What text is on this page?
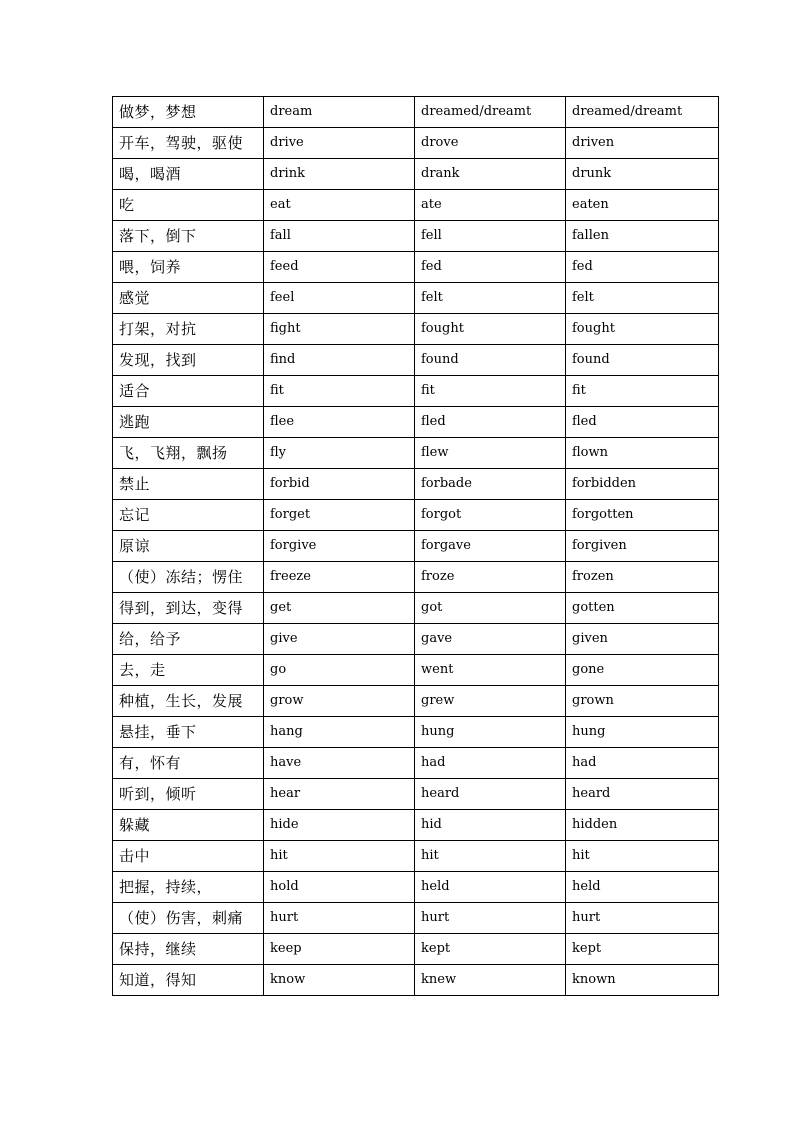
做梦，梦想	dream	dreamed/dreamt	dreamed/dreamt
开车，驾驶，驱使	drive	drove	driven
喝，喝酒	drink	drank	drunk
吃	eat	ate	eaten
落下，倒下	fall	fell	fallen
喂，饲养	feed	fed	fed
感觉	feel	felt	felt
打架，对抗	fight	fought	fought
发现，找到	find	found	found
适合	fit	fit	fit
逃跑	flee	fled	fled
飞，飞翔，飘扬	fly	flew	flown
禁止	forbid	forbade	forbidden
忘记	forget	forgot	forgotten
原谅	forgive	forgave	forgiven
（使）冻结；愣住	freeze	froze	frozen
得到，到达，变得	get	got	gotten
给，给予	give	gave	given
去，走	go	went	gone
种植，生长，发展	grow	grew	grown
悬挂，垂下	hang	hung	hung
有，怀有	have	had	had
听到，倾听	hear	heard	heard
躲藏	hide	hid	hidden
击中	hit	hit	hit
把握，持续，	hold	held	held
（使）伤害，刺痛	hurt	hurt	hurt
保持，继续	keep	kept	kept
知道，得知	know	knew	known
